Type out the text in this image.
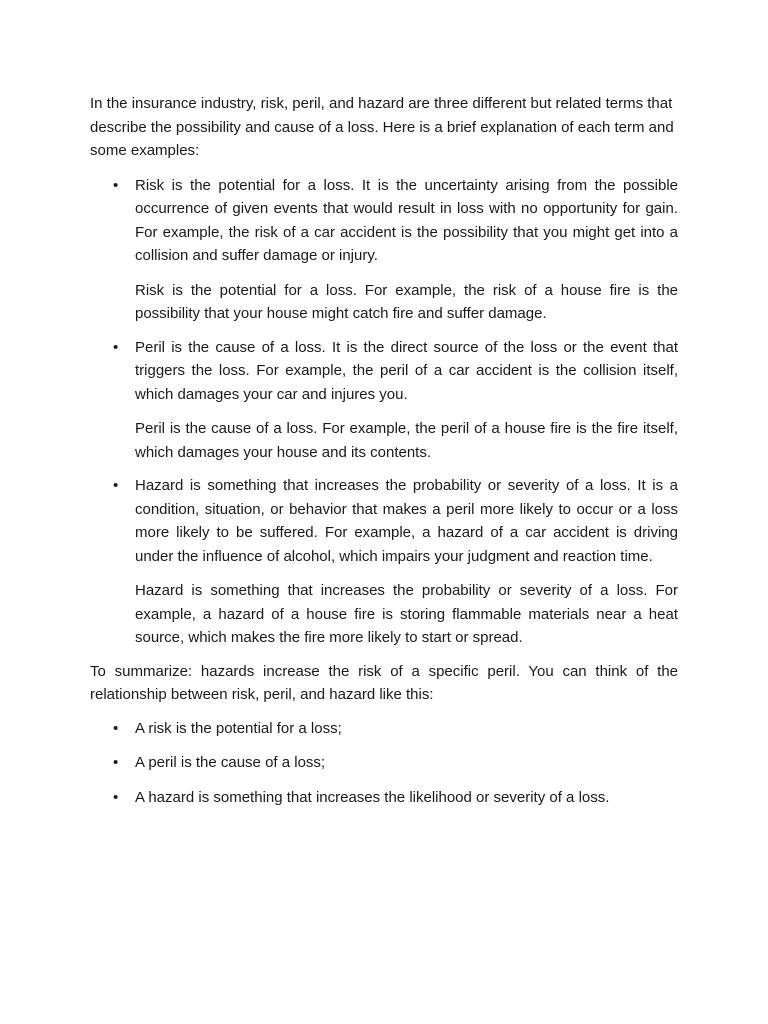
In the insurance industry, risk, peril, and hazard are three different but related terms that describe the possibility and cause of a loss. Here is a brief explanation of each term and some examples:

• Risk is the potential for a loss. It is the uncertainty arising from the possible occurrence of given events that would result in loss with no opportunity for gain. For example, the risk of a car accident is the possibility that you might get into a collision and suffer damage or injury.

Risk is the potential for a loss. For example, the risk of a house fire is the possibility that your house might catch fire and suffer damage.

• Peril is the cause of a loss. It is the direct source of the loss or the event that triggers the loss. For example, the peril of a car accident is the collision itself, which damages your car and injures you.

Peril is the cause of a loss. For example, the peril of a house fire is the fire itself, which damages your house and its contents.

• Hazard is something that increases the probability or severity of a loss. It is a condition, situation, or behavior that makes a peril more likely to occur or a loss more likely to be suffered. For example, a hazard of a car accident is driving under the influence of alcohol, which impairs your judgment and reaction time.

Hazard is something that increases the probability or severity of a loss. For example, a hazard of a house fire is storing flammable materials near a heat source, which makes the fire more likely to start or spread.

To summarize: hazards increase the risk of a specific peril. You can think of the relationship between risk, peril, and hazard like this:

• A risk is the potential for a loss;
• A peril is the cause of a loss;
• A hazard is something that increases the likelihood or severity of a loss.
